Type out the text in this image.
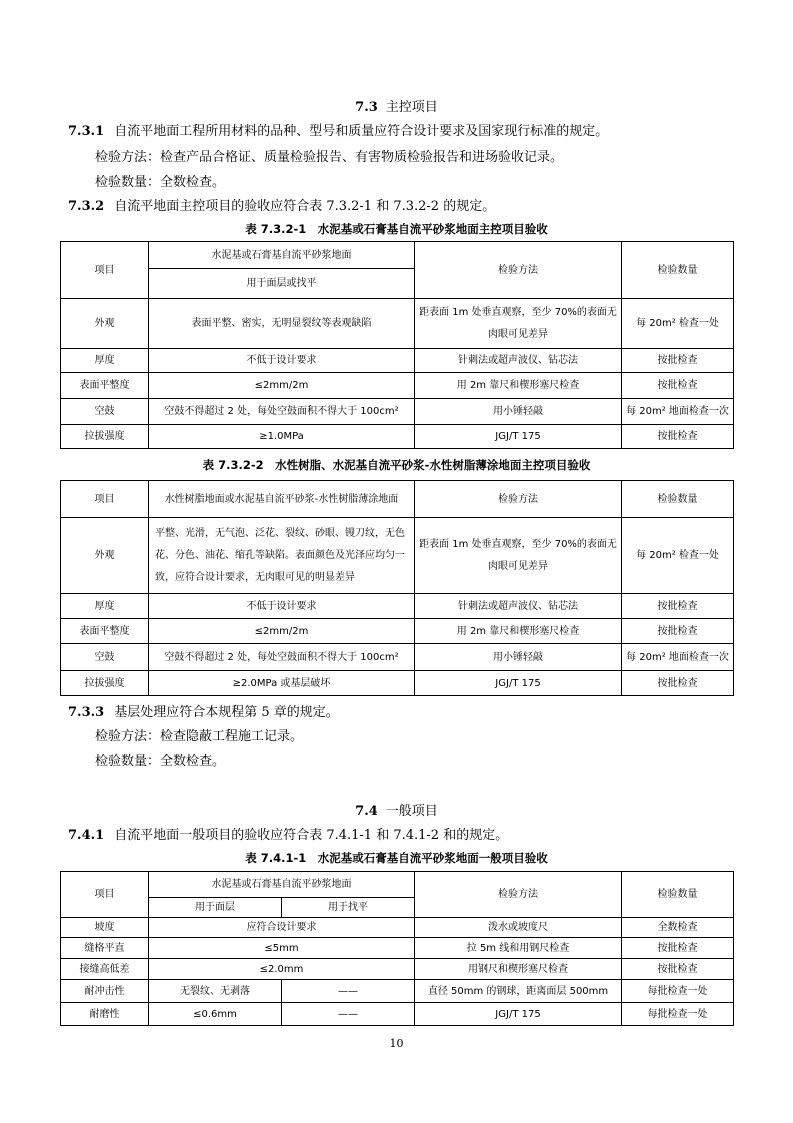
7.3 主控项目
7.3.1 自流平地面工程所用材料的品种、型号和质量应符合设计要求及国家现行标准的规定。
检验方法：检查产品合格证、质量检验报告、有害物质检验报告和进场验收记录。
检验数量：全数检查。
7.3.2 自流平地面主控项目的验收应符合表 7.3.2-1 和 7.3.2-2 的规定。
表 7.3.2-1　水泥基或石膏基自流平砂浆地面主控项目验收
项目	水泥基或石膏基自流平砂浆地面	检验方法	检验数量
	用于面层或找平		
外观	表面平整、密实，无明显裂纹等表观缺陷	距表面 1m 处垂直观察，至少 70%的表面无肉眼可见差异	每 20m² 检查一处
厚度	不低于设计要求	针刺法或超声波仪、钻芯法	按批检查
表面平整度	≤2mm/2m	用 2m 靠尺和楔形塞尺检查	按批检查
空鼓	空鼓不得超过 2 处，每处空鼓面积不得大于 100cm²	用小锤轻敲	每 20m² 地面检查一次
拉拔强度	≥1.0MPa	JGJ/T 175	按批检查
表 7.3.2-2　水性树脂、水泥基自流平砂浆-水性树脂薄涂地面主控项目验收
项目	水性树脂地面或水泥基自流平砂浆-水性树脂薄涂地面	检验方法	检验数量
外观	平整、光滑，无气泡、泛花、裂纹、砂眼、镘刀纹，无色花、分色、油花、缩孔等缺陷。表面颜色及光泽应均匀一致，应符合设计要求，无肉眼可见的明显差异	距表面 1m 处垂直观察，至少 70%的表面无肉眼可见差异	每 20m² 检查一处
厚度	不低于设计要求	针刺法或超声波仪、钻芯法	按批检查
表面平整度	≤2mm/2m	用 2m 靠尺和楔形塞尺检查	按批检查
空鼓	空鼓不得超过 2 处，每处空鼓面积不得大于 100cm²	用小锤轻敲	每 20m² 地面检查一次
拉拔强度	≥2.0MPa 或基层破坏	JGJ/T 175	按批检查
7.3.3 基层处理应符合本规程第 5 章的规定。
检验方法：检查隐蔽工程施工记录。
检验数量：全数检查。
7.4 一般项目
7.4.1 自流平地面一般项目的验收应符合表 7.4.1-1 和 7.4.1-2 和的规定。
表 7.4.1-1　水泥基或石膏基自流平砂浆地面一般项目验收
项目	水泥基或石膏基自流平砂浆地面		检验方法	检验数量
	用于面层	用于找平		
坡度	应符合设计要求		泼水或坡度尺	全数检查
缝格平直	≤5mm		拉 5m 线和用钢尺检查	按批检查
接缝高低差	≤2.0mm		用钢尺和楔形塞尺检查	按批检查
耐冲击性	无裂纹、无剥落	——	直径 50mm 的钢球，距离面层 500mm	每批检查一处
耐磨性	≤0.6mm	——	JGJ/T 175	每批检查一处
10
